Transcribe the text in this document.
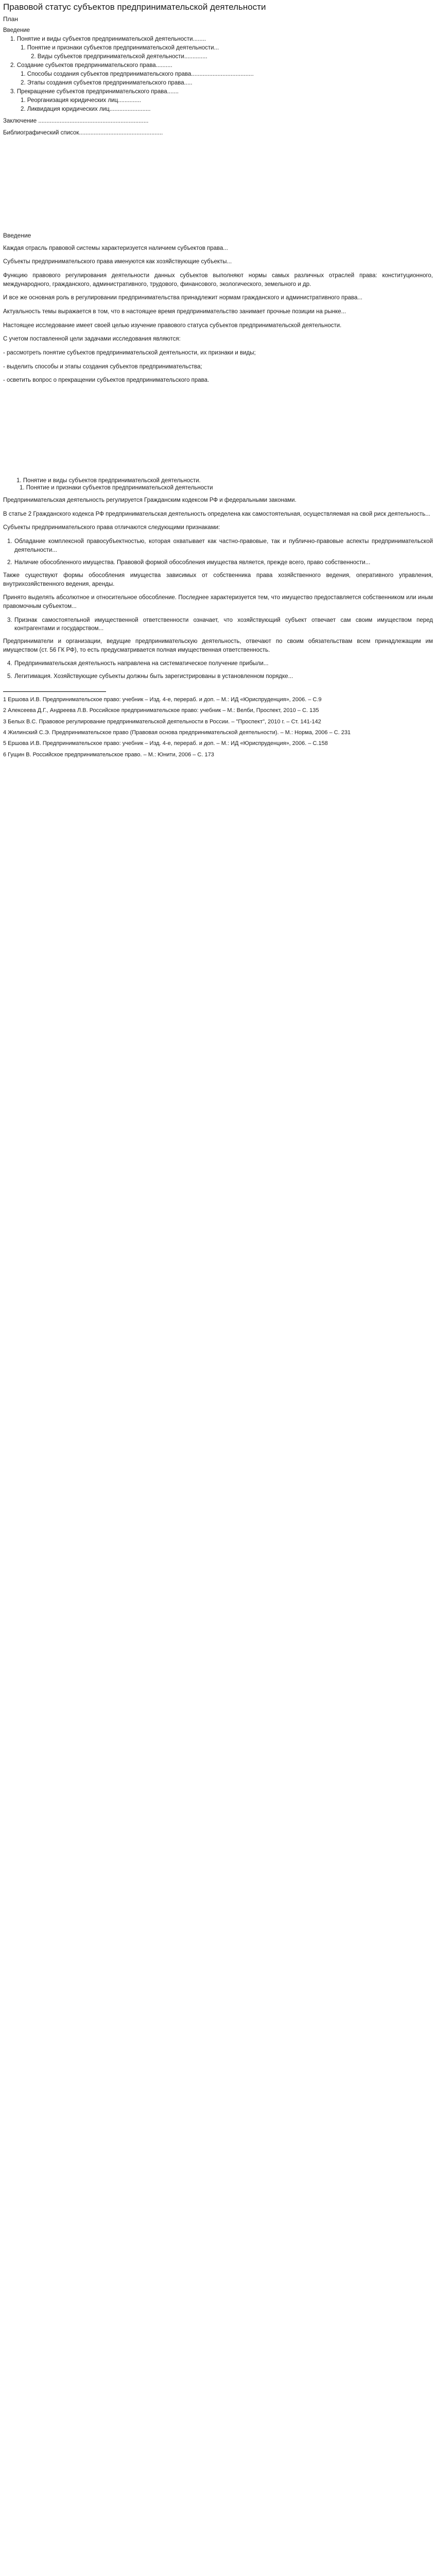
Правовой статус субъектов предпринимательской деятельности
План
Введение
1. Понятие и виды субъектов предпринимательской деятельности........
1. Понятие и признаки субъектов предпринимательской деятельности...
2. Виды субъектов предпринимательской деятельности..............
2. Создание субъектов предпринимательского права..........
1. Способы создания субъектов предпринимательского права......................................
2. Этапы создания субъектов предпринимательского права.....
3. Прекращение субъектов предпринимательского права.......
1. Реорганизация юридических лиц..............
2. Ликвидация юридических лиц.........................
Заключение ...................................................................
Библиографический список...................................................
Введение

Каждая отрасль правовой системы характеризуется наличием субъектов права...

Субъекты предпринимательского права именуются как хозяйствующие субъекты...

Функцию правового регулирования деятельности данных субъектов выполняют нормы самых различных отраслей права: конституционного, международного, гражданского, административного, трудового, финансового, экологического, земельного и др.

И все же основная роль в регулировании предпринимательства принадлежит нормам гражданского и административного права...

Актуальность темы выражается в том, что в настоящее время предпринимательство занимает прочные позиции на рынке...

Настоящее исследование имеет своей целью изучение правового статуса субъектов предпринимательской деятельности.

С учетом поставленной цели задачами исследования являются:

- рассмотреть понятие субъектов предпринимательской деятельности, их признаки и виды;

- выделить способы и этапы создания субъектов предпринимательства;

- осветить вопрос о прекращении субъектов предпринимательского права.

1. Понятие и виды субъектов предпринимательской деятельности.
1. Понятие и признаки субъектов предпринимательской деятельности

Предпринимательская деятельность регулируется Гражданским кодексом РФ и федеральными законами.

В статье 2 Гражданского кодекса РФ предпринимательская деятельность определена как самостоятельная, осуществляемая на свой риск деятельность...

Субъекты предпринимательского права отличаются следующими признаками:

1. Обладание комплексной правосубъектностью, которая охватывает как частно-правовые, так и публично-правовые аспекты предпринимательской деятельности...
2. Наличие обособленного имущества. Правовой формой обособления имущества является, прежде всего, право собственности...

Также существуют формы обособления имущества зависимых от собственника права хозяйственного ведения, оперативного управления, внутрихозяйственного ведения, аренды.

Принято выделять абсолютное и относительное обособление. Последнее характеризуется тем, что имущество предоставляется собственником или иным правомочным субъектом...

3. Признак самостоятельной имущественной ответственности означает, что хозяйствующий субъект отвечает сам своим имуществом перед контрагентами и государством...

Предприниматели и организации, ведущие предпринимательскую деятельность, отвечают по своим обязательствам всем принадлежащим им имуществом (ст. 56 ГК РФ), то есть предусматривается полная имущественная ответственность.

4. Предпринимательская деятельность направлена на систематическое получение прибыли...
5. Легитимация. Хозяйствующие субъекты должны быть зарегистрированы в установленном порядке...

1 Ершова И.В. Предпринимательское право: учебник – Изд. 4-е, перераб. и доп. – М.: ИД «Юриспруденция», 2006. – С.9

2 Алексеева Д.Г., Андреева Л.В. Российское предпринимательское право: учебник – М.: Велби, Проспект, 2010 – С. 135

3 Белых В.С. Правовое регулирование предпринимательской деятельности в России. – "Проспект", 2010 г. – Ст. 141-142

4 Жилинский С.Э. Предпринимательское право (Правовая основа предпринимательской деятельности). – М.: Норма, 2006 – С. 231

5 Ершова И.В. Предпринимательское право: учебник – Изд. 4-е, перераб. и доп. – М.: ИД «Юриспруденция», 2006. – С.158

6 Гущин В. Российское предпринимательское право. – М.: Юнити, 2006 – С. 173
